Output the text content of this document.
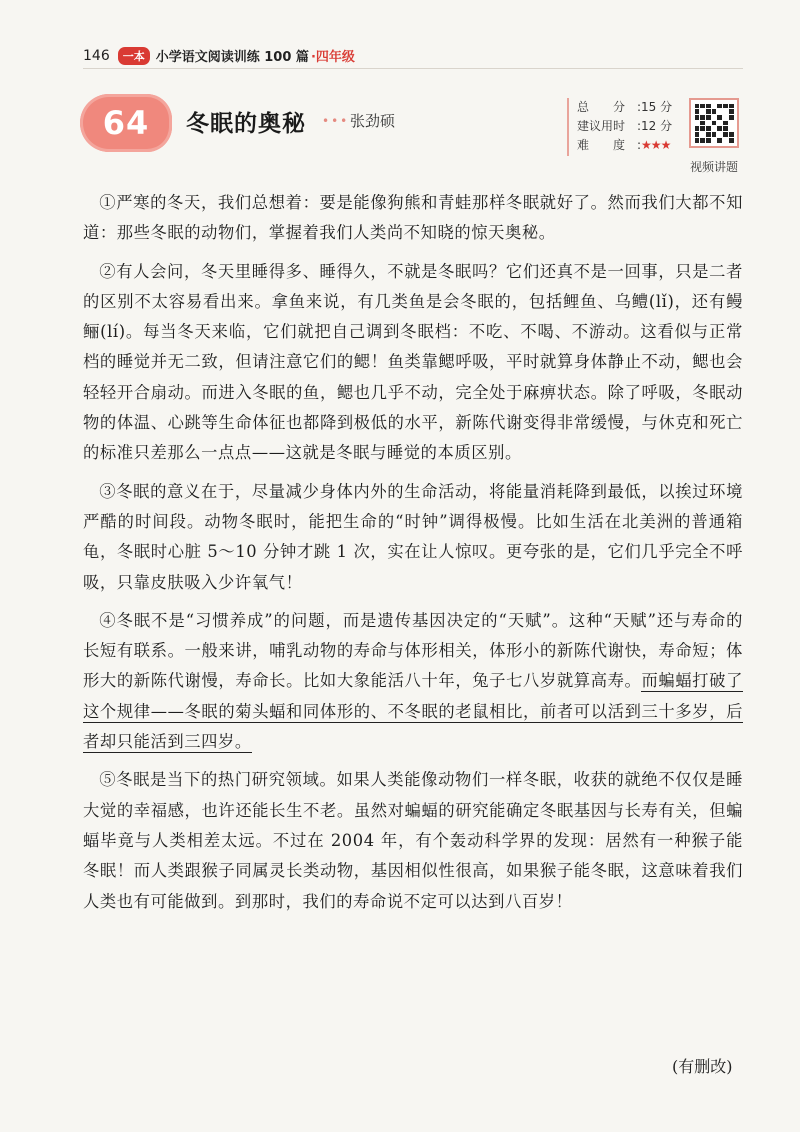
146	一本 小学语文阅读训练 100 篇 ·四年级
64	冬眠的奥秘 ••• 张劲硕
总　　分 :15 分
建议用时 :12 分
难　　度 : ★★★
视频讲题

①严寒的冬天，我们总想着：要是能像狗熊和青蛙那样冬眠就好了。然而我们大都不知道：那些冬眠的动物们，掌握着我们人类尚不知晓的惊天奥秘。

②有人会问，冬天里睡得多、睡得久，不就是冬眠吗？它们还真不是一回事，只是二者的区别不太容易看出来。拿鱼来说，有几类鱼是会冬眠的，包括鲤鱼、乌鳢(lǐ)，还有鳗鲡(lí)。每当冬天来临，它们就把自己调到冬眠档：不吃、不喝、不游动。这看似与正常档的睡觉并无二致，但请注意它们的鳃！鱼类靠鳃呼吸，平时就算身体静止不动，鳃也会轻轻开合扇动。而进入冬眠的鱼，鳃也几乎不动，完全处于麻痹状态。除了呼吸，冬眠动物的体温、心跳等生命体征也都降到极低的水平，新陈代谢变得非常缓慢，与休克和死亡的标准只差那么一点点——这就是冬眠与睡觉的本质区别。

③冬眠的意义在于，尽量减少身体内外的生命活动，将能量消耗降到最低，以挨过环境严酷的时间段。动物冬眠时，能把生命的“时钟”调得极慢。比如生活在北美洲的普通箱龟，冬眠时心脏 5～10 分钟才跳 1 次，实在让人惊叹。更夸张的是，它们几乎完全不呼吸，只靠皮肤吸入少许氧气！

④冬眠不是“习惯养成”的问题，而是遗传基因决定的“天赋”。这种“天赋”还与寿命的长短有联系。一般来讲，哺乳动物的寿命与体形相关，体形小的新陈代谢快，寿命短；体形大的新陈代谢慢，寿命长。比如大象能活八十年，兔子七八岁就算高寿。而蝙蝠打破了这个规律——冬眠的菊头蝠和同体形的、不冬眠的老鼠相比，前者可以活到三十多岁，后者却只能活到三四岁。

⑤冬眠是当下的热门研究领域。如果人类能像动物们一样冬眠，收获的就绝不仅仅是睡大觉的幸福感，也许还能长生不老。虽然对蝙蝠的研究能确定冬眠基因与长寿有关，但蝙蝠毕竟与人类相差太远。不过在 2004 年，有个轰动科学界的发现：居然有一种猴子能冬眠！而人类跟猴子同属灵长类动物，基因相似性很高，如果猴子能冬眠，这意味着我们人类也有可能做到。到那时，我们的寿命说不定可以达到八百岁！

(有删改)
